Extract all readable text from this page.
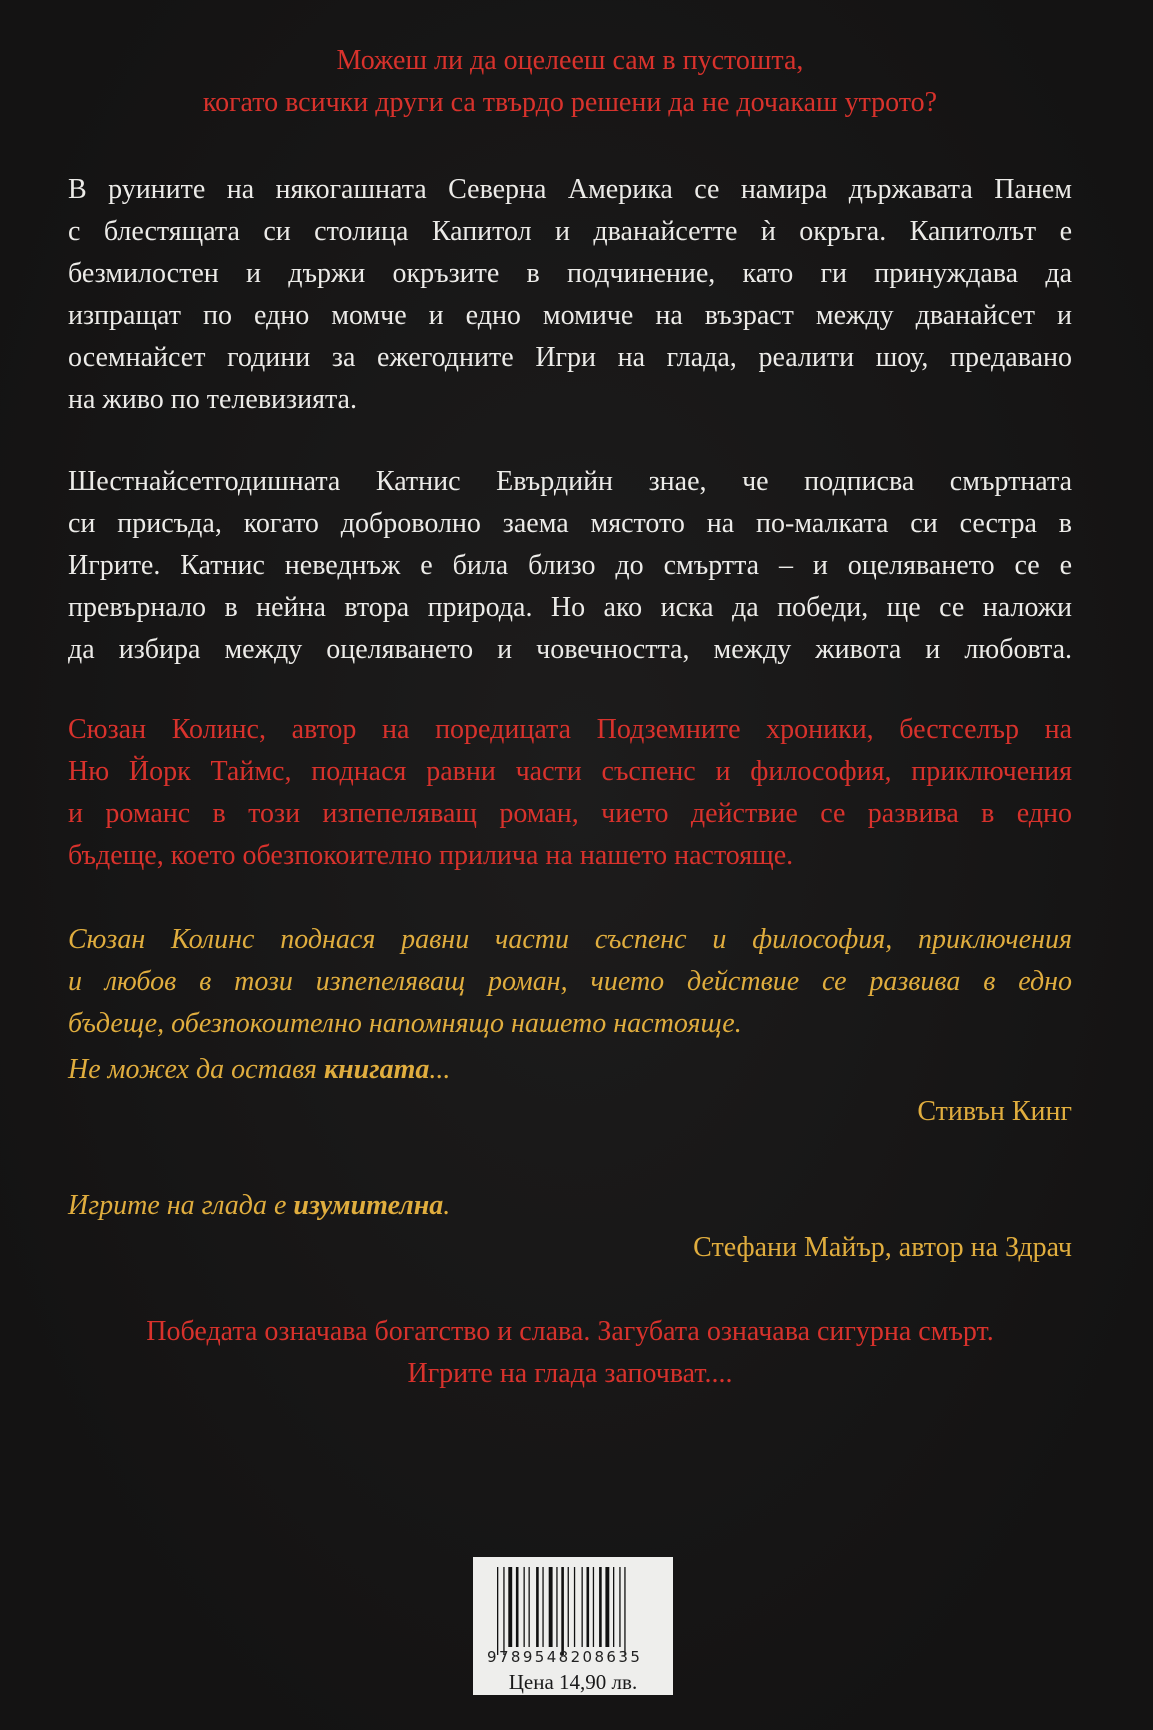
Можеш ли да оцелееш сам в пустошта,
когато всички други са твърдо решени да не дочакаш утрото?
В руините на някогашната Северна Америка се намира държавата Панем
с блестящата си столица Капитол и дванайсетте ѝ окръга. Капитолът е
безмилостен и държи окръзите в подчинение, като ги принуждава да
изпращат по едно момче и едно момиче на възраст между дванайсет и
осемнайсет години за ежегодните Игри на глада, реалити шоу, предавано
на живо по телевизията.
Шестнайсетгодишната Катнис Евърдийн знае, че подписва смъртната
си присъда, когато доброволно заема мястото на по-малката си сестра в
Игрите. Катнис неведнъж е била близо до смъртта – и оцеляването се е
превърнало в нейна втора природа. Но ако иска да победи, ще се наложи
да избира между оцеляването и човечността, между живота и любовта.
Сюзан Колинс, автор на поредицата Подземните хроники, бестселър на
Ню Йорк Таймс, поднася равни части съспенс и философия, приключения
и романс в този изпепеляващ роман, чието действие се развива в едно
бъдеще, което обезпокоително прилича на нашето настояще.
Сюзан Колинс поднася равни части съспенс и философия, приключения
и любов в този изпепеляващ роман, чието действие се развива в едно
бъдеще, обезпокоително напомнящо нашето настояще.
Не можех да оставя книгата...
Стивън Кинг
Игрите на глада е изумителна.
Стефани Майър, автор на Здрач
Победата означава богатство и слава. Загубата означава сигурна смърт.
Игрите на глада започват....
9789548208635
Цена 14,90 лв.
